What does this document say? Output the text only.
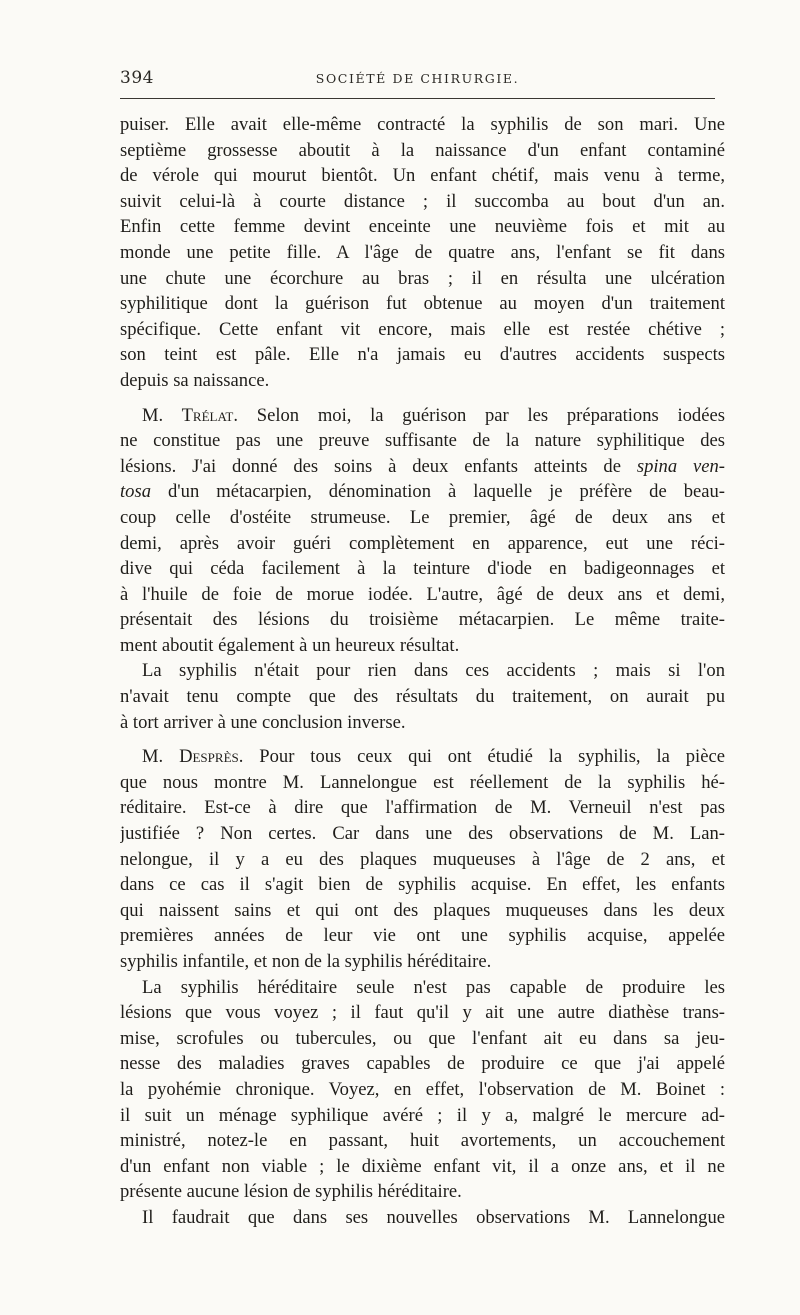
394	SOCIÉTÉ DE CHIRURGIE.
puiser. Elle avait elle-même contracté la syphilis de son mari. Une
septième grossesse aboutit à la naissance d'un enfant contaminé
de vérole qui mourut bientôt. Un enfant chétif, mais venu à terme,
suivit celui-là à courte distance ; il succomba au bout d'un an.
Enfin cette femme devint enceinte une neuvième fois et mit au
monde une petite fille. A l'âge de quatre ans, l'enfant se fit dans
une chute une écorchure au bras ; il en résulta une ulcération
syphilitique dont la guérison fut obtenue au moyen d'un traitement
spécifique. Cette enfant vit encore, mais elle est restée chétive ;
son teint est pâle. Elle n'a jamais eu d'autres accidents suspects
depuis sa naissance.
M. Trélat. Selon moi, la guérison par les préparations iodées
ne constitue pas une preuve suffisante de la nature syphilitique des
lésions. J'ai donné des soins à deux enfants atteints de spina ven-
tosa d'un métacarpien, dénomination à laquelle je préfère de beau-
coup celle d'ostéite strumeuse. Le premier, âgé de deux ans et
demi, après avoir guéri complètement en apparence, eut une réci-
dive qui céda facilement à la teinture d'iode en badigeonnages et
à l'huile de foie de morue iodée. L'autre, âgé de deux ans et demi,
présentait des lésions du troisième métacarpien. Le même traite-
ment aboutit également à un heureux résultat.
La syphilis n'était pour rien dans ces accidents ; mais si l'on
n'avait tenu compte que des résultats du traitement, on aurait pu
à tort arriver à une conclusion inverse.
M. Desprès. Pour tous ceux qui ont étudié la syphilis, la pièce
que nous montre M. Lannelongue est réellement de la syphilis hé-
réditaire. Est-ce à dire que l'affirmation de M. Verneuil n'est pas
justifiée ? Non certes. Car dans une des observations de M. Lan-
nelongue, il y a eu des plaques muqueuses à l'âge de 2 ans, et
dans ce cas il s'agit bien de syphilis acquise. En effet, les enfants
qui naissent sains et qui ont des plaques muqueuses dans les deux
premières années de leur vie ont une syphilis acquise, appelée
syphilis infantile, et non de la syphilis héréditaire.
La syphilis héréditaire seule n'est pas capable de produire les
lésions que vous voyez ; il faut qu'il y ait une autre diathèse trans-
mise, scrofules ou tubercules, ou que l'enfant ait eu dans sa jeu-
nesse des maladies graves capables de produire ce que j'ai appelé
la pyohémie chronique. Voyez, en effet, l'observation de M. Boinet :
il suit un ménage syphilique avéré ; il y a, malgré le mercure ad-
ministré, notez-le en passant, huit avortements, un accouchement
d'un enfant non viable ; le dixième enfant vit, il a onze ans, et il ne
présente aucune lésion de syphilis héréditaire.
Il faudrait que dans ses nouvelles observations M. Lannelongue
